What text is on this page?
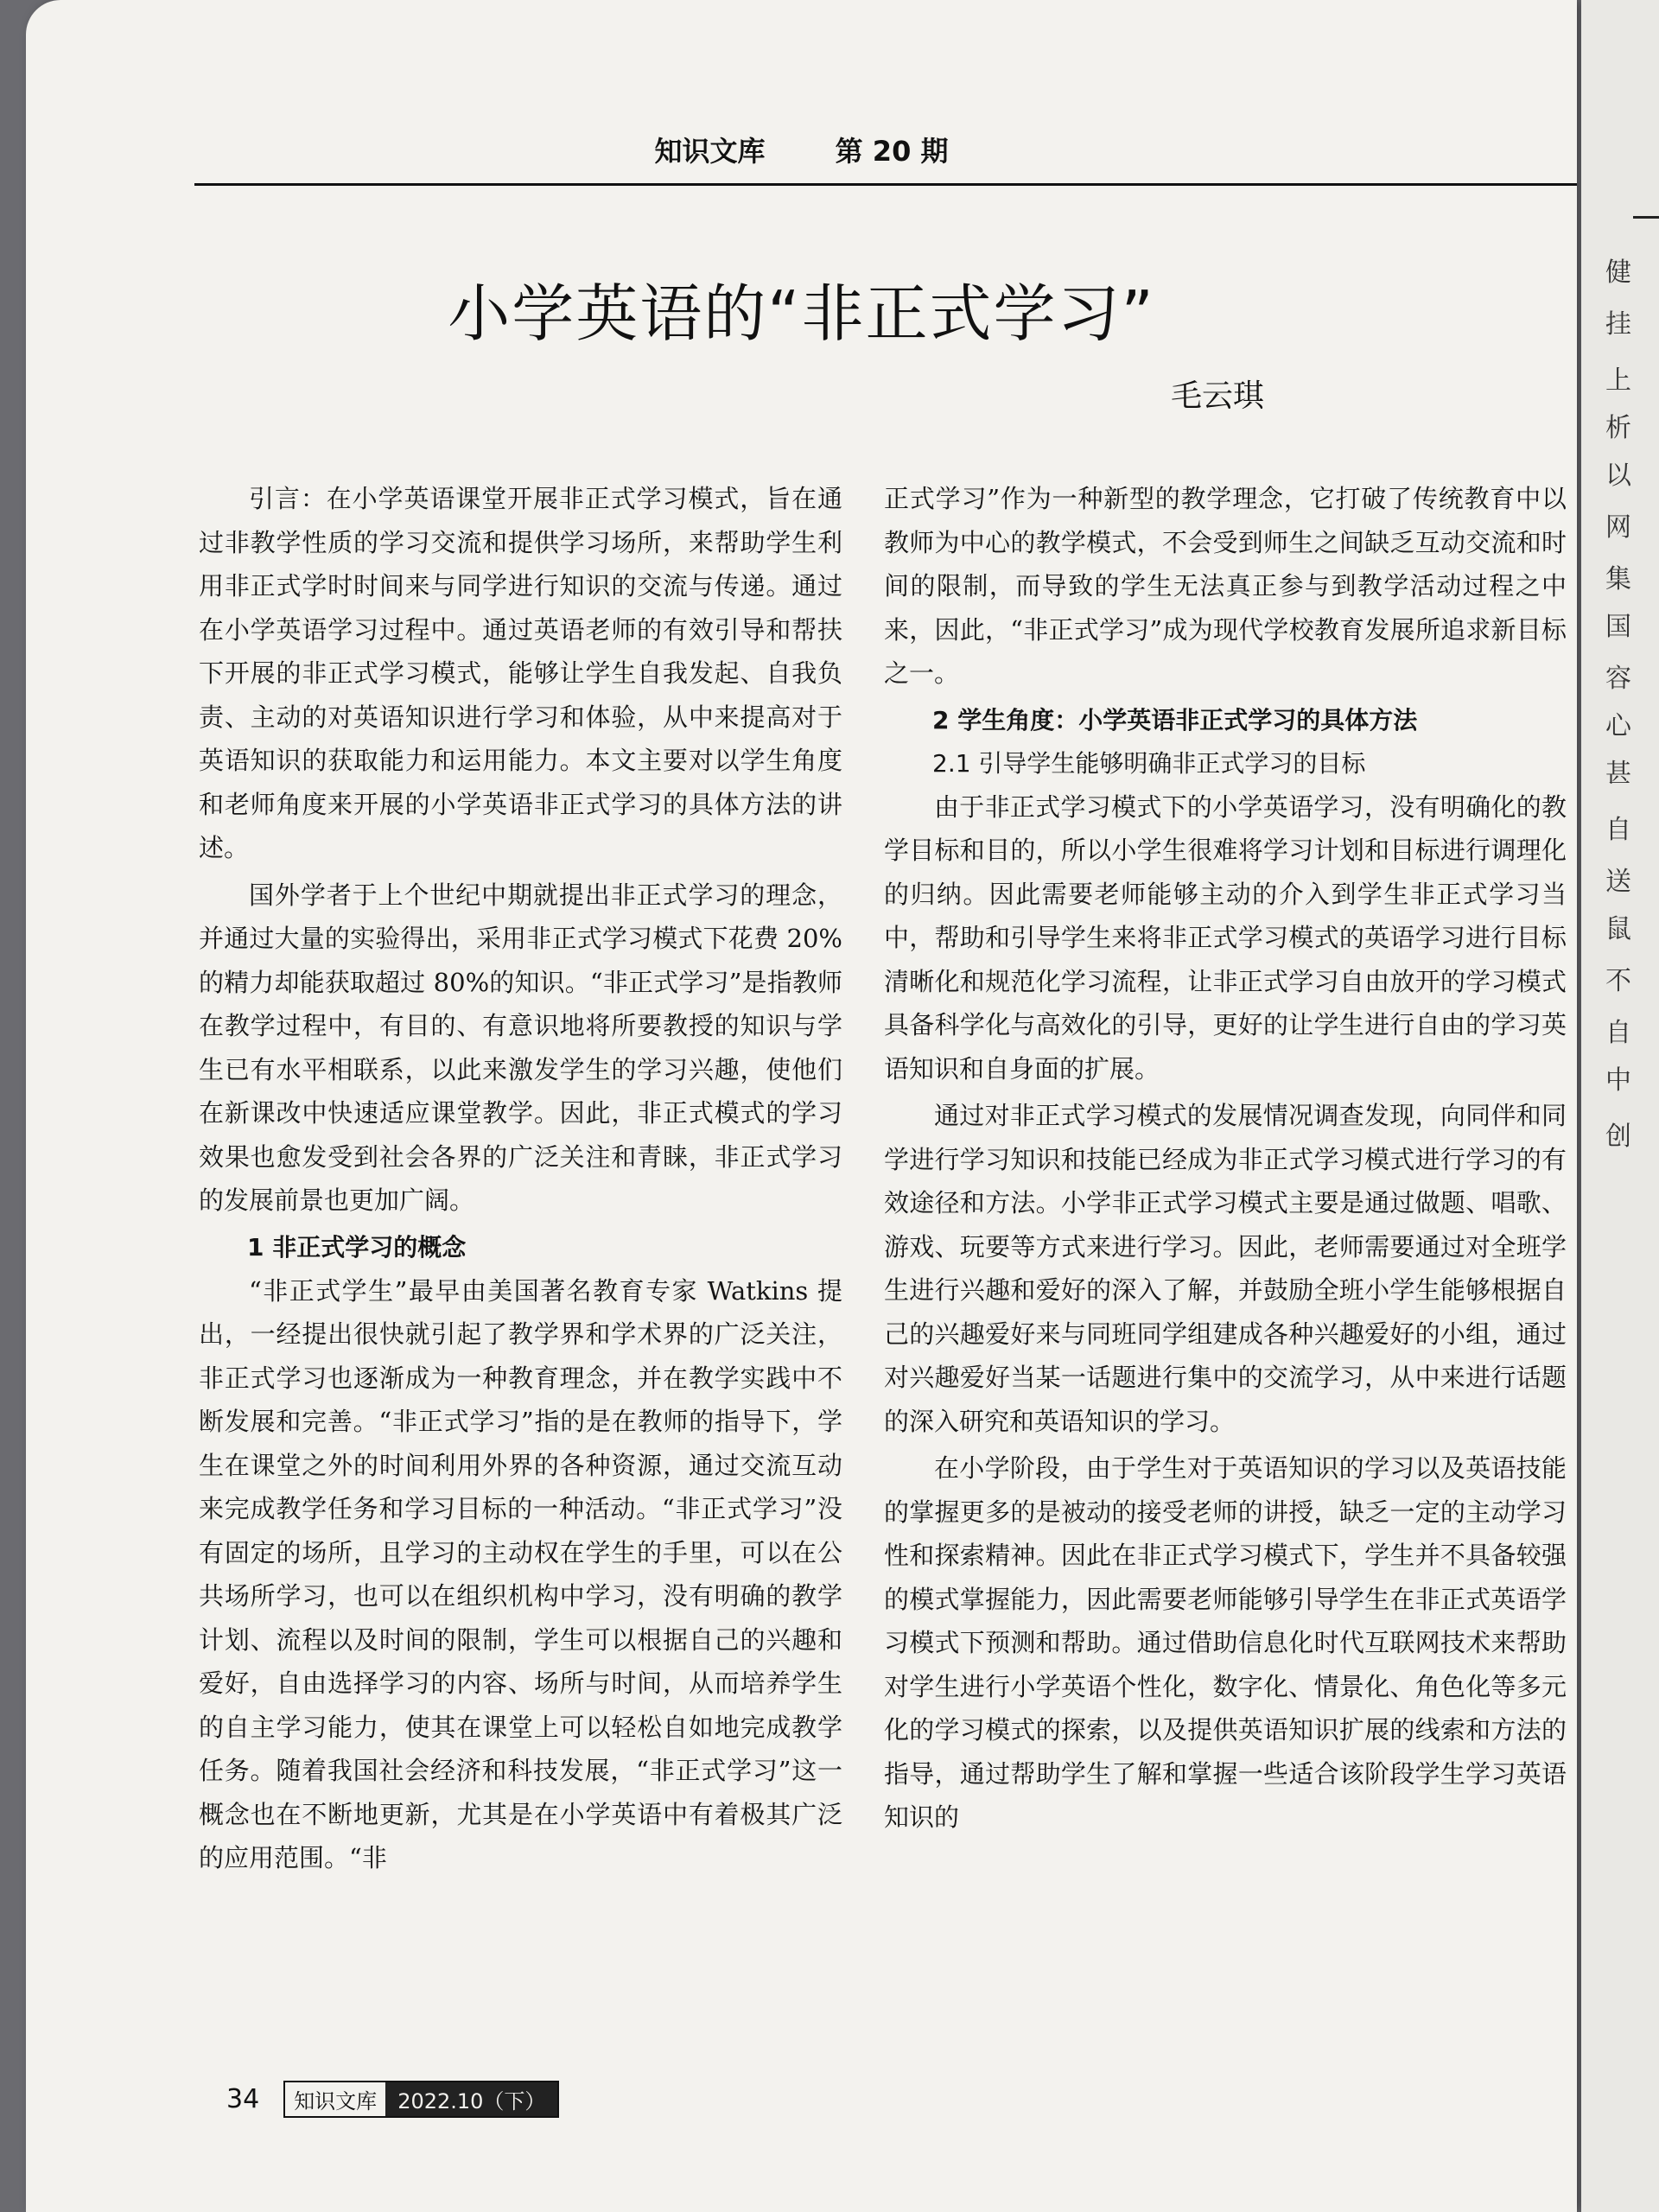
知识文库	第 20 期
小学英语的“非正式学习”
毛云琪

引言：在小学英语课堂开展非正式学习模式，旨在通过非教学性质的学习交流和提供学习场所，来帮助学生利用非正式学时时间来与同学进行知识的交流与传递。通过在小学英语学习过程中。通过英语老师的有效引导和帮扶下开展的非正式学习模式，能够让学生自我发起、自我负责、主动的对英语知识进行学习和体验，从中来提高对于英语知识的获取能力和运用能力。本文主要对以学生角度和老师角度来开展的小学英语非正式学习的具体方法的讲述。

国外学者于上个世纪中期就提出非正式学习的理念，并通过大量的实验得出，采用非正式学习模式下花费 20%的精力却能获取超过 80%的知识。“非正式学习”是指教师在教学过程中，有目的、有意识地将所要教授的知识与学生已有水平相联系，以此来激发学生的学习兴趣，使他们在新课改中快速适应课堂教学。因此，非正式模式的学习效果也愈发受到社会各界的广泛关注和青睐，非正式学习的发展前景也更加广阔。

1 非正式学习的概念

“非正式学生”最早由美国著名教育专家 Watkins 提出，一经提出很快就引起了教学界和学术界的广泛关注，非正式学习也逐渐成为一种教育理念，并在教学实践中不断发展和完善。“非正式学习”指的是在教师的指导下，学生在课堂之外的时间利用外界的各种资源，通过交流互动来完成教学任务和学习目标的一种活动。“非正式学习”没有固定的场所，且学习的主动权在学生的手里，可以在公共场所学习，也可以在组织机构中学习，没有明确的教学计划、流程以及时间的限制，学生可以根据自己的兴趣和爱好，自由选择学习的内容、场所与时间，从而培养学生的自主学习能力，使其在课堂上可以轻松自如地完成教学任务。随着我国社会经济和科技发展，“非正式学习”这一概念也在不断地更新，尤其是在小学英语中有着极其广泛的应用范围。“非

正式学习”作为一种新型的教学理念，它打破了传统教育中以教师为中心的教学模式，不会受到师生之间缺乏互动交流和时间的限制，而导致的学生无法真正参与到教学活动过程之中来，因此，“非正式学习”成为现代学校教育发展所追求新目标之一。

2 学生角度：小学英语非正式学习的具体方法
2.1 引导学生能够明确非正式学习的目标

由于非正式学习模式下的小学英语学习，没有明确化的教学目标和目的，所以小学生很难将学习计划和目标进行调理化的归纳。因此需要老师能够主动的介入到学生非正式学习当中，帮助和引导学生来将非正式学习模式的英语学习进行目标清晰化和规范化学习流程，让非正式学习自由放开的学习模式具备科学化与高效化的引导，更好的让学生进行自由的学习英语知识和自身面的扩展。

通过对非正式学习模式的发展情况调查发现，向同伴和同学进行学习知识和技能已经成为非正式学习模式进行学习的有效途径和方法。小学非正式学习模式主要是通过做题、唱歌、游戏、玩要等方式来进行学习。因此，老师需要通过对全班学生进行兴趣和爱好的深入了解，并鼓励全班小学生能够根据自己的兴趣爱好来与同班同学组建成各种兴趣爱好的小组，通过对兴趣爱好当某一话题进行集中的交流学习，从中来进行话题的深入研究和英语知识的学习。

在小学阶段，由于学生对于英语知识的学习以及英语技能的掌握更多的是被动的接受老师的讲授，缺乏一定的主动学习性和探索精神。因此在非正式学习模式下，学生并不具备较强的模式掌握能力，因此需要老师能够引导学生在非正式英语学习模式下预测和帮助。通过借助信息化时代互联网技术来帮助对学生进行小学英语个性化，数字化、情景化、角色化等多元化的学习模式的探索，以及提供英语知识扩展的线索和方法的指导，通过帮助学生了解和掌握一些适合该阶段学生学习英语知识的

34	知识文库	2022.10（下）
健
挂
上
析
以
网
集
国
容
心
甚
自
送
鼠
不
自
中
创
